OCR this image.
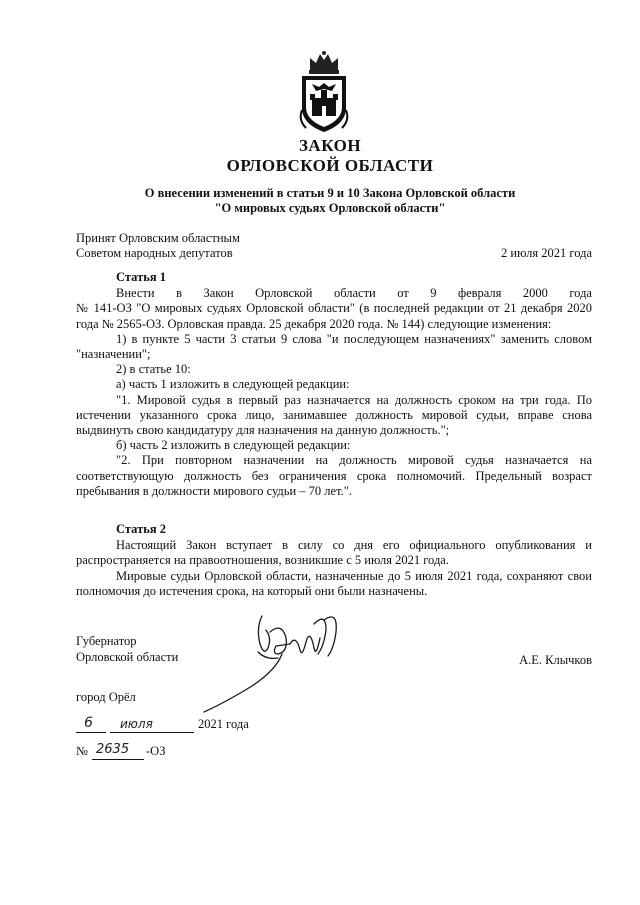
ЗАКОН
ОРЛОВСКОЙ ОБЛАСТИ
О внесении изменений в статьи 9 и 10 Закона Орловской области
"О мировых судьях Орловской области"
Принят Орловским областным
Советом народных депутатов	2 июля 2021 года

Статья 1

Внести в Закон Орловской области от 9 февраля 2000 года

№ 141-ОЗ "О мировых судьях Орловской области" (в последней редакции от 21 декабря 2020 года № 2565-ОЗ. Орловская правда. 25 декабря 2020 года. № 144) следующие изменения:

1) в пункте 5 части 3 статьи 9 слова "и последующем назначениях" заменить словом "назначении";

2) в статье 10:

а) часть 1 изложить в следующей редакции:

"1. Мировой судья в первый раз назначается на должность сроком на три года. По истечении указанного срока лицо, занимавшее должность мировой судьи, вправе снова выдвинуть свою кандидатуру для назначения на данную должность.";

б) часть 2 изложить в следующей редакции:

"2. При повторном назначении на должность мировой судья назначается на соответствующую должность без ограничения срока полномочий. Предельный возраст пребывания в должности мирового судьи – 70 лет.".

Статья 2

Настоящий Закон вступает в силу со дня его официального опубликования и распространяется на правоотношения, возникшие с 5 июля 2021 года.

Мировые судьи Орловской области, назначенные до 5 июля 2021 года, сохраняют свои полномочия до истечения срока, на который они были назначены.

Губернатор
Орловской области	А.Е. Клычков
город Орёл
6 июля	2021 года
№ 2635 -ОЗ
